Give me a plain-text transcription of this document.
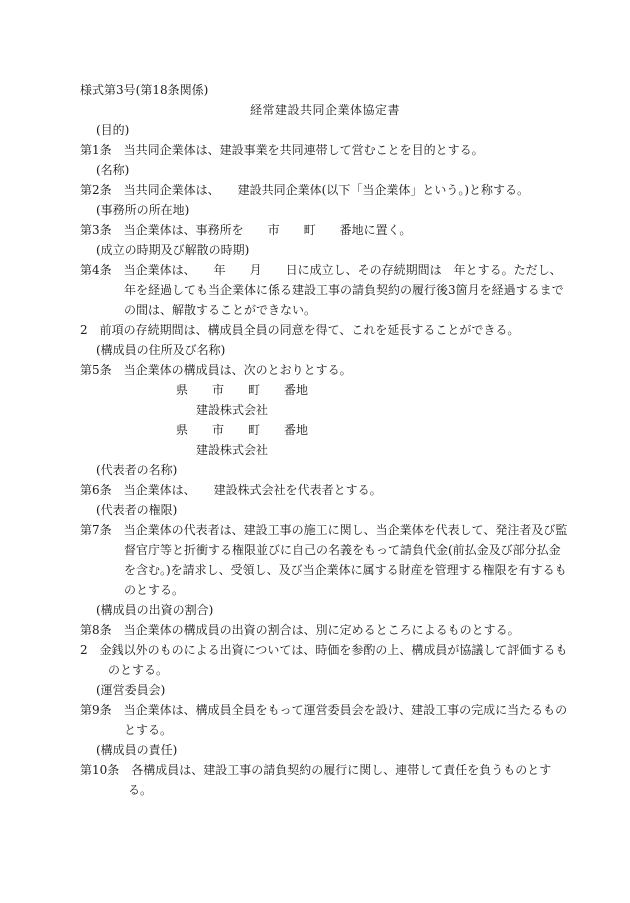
様式第3号(第18条関係)

経常建設共同企業体協定書

(目的)

第1条　当共同企業体は、建設事業を共同連帯して営むことを目的とする。

(名称)

第2条　当共同企業体は、　　建設共同企業体(以下「当企業体」という。)と称する。

(事務所の所在地)

第3条　当企業体は、事務所を　　市　　町　　番地に置く。

(成立の時期及び解散の時期)

第4条　当企業体は、　　年　　月　　日に成立し、その存続期間は　年とする。ただし、　年を経過しても当企業体に係る建設工事の請負契約の履行後3箇月を経過するまでの間は、解散することができない。

2　前項の存続期間は、構成員全員の同意を得て、これを延長することができる。

(構成員の住所及び名称)

第5条　当企業体の構成員は、次のとおりとする。

県　　市　　町　　番地

建設株式会社

県　　市　　町　　番地

建設株式会社

(代表者の名称)

第6条　当企業体は、　　建設株式会社を代表者とする。

(代表者の権限)

第7条　当企業体の代表者は、建設工事の施工に関し、当企業体を代表して、発注者及び監督官庁等と折衝する権限並びに自己の名義をもって請負代金(前払金及び部分払金を含む。)を請求し、受領し、及び当企業体に属する財産を管理する権限を有するものとする。

(構成員の出資の割合)

第8条　当企業体の構成員の出資の割合は、別に定めるところによるものとする。

2　金銭以外のものによる出資については、時価を参酌の上、構成員が協議して評価するものとする。

(運営委員会)

第9条　当企業体は、構成員全員をもって運営委員会を設け、建設工事の完成に当たるものとする。

(構成員の責任)

第10条　各構成員は、建設工事の請負契約の履行に関し、連帯して責任を負うものとする。
